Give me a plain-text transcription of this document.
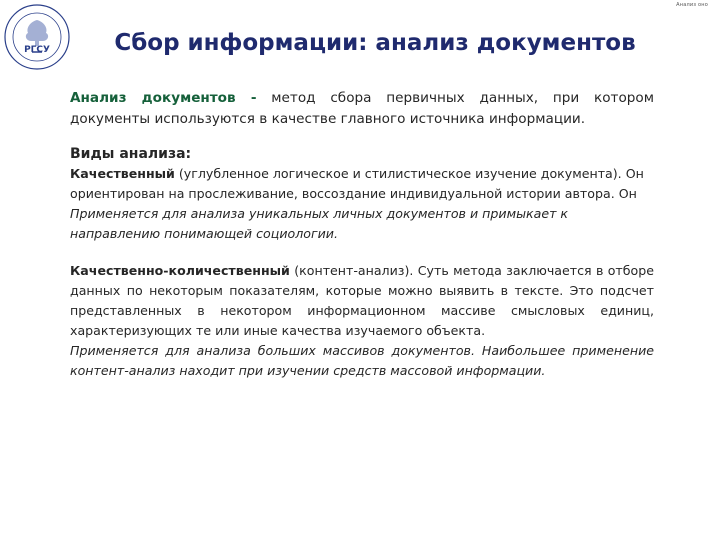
РГСУ
Анализ оно
Сбор информации: анализ документов

Анализ документов - метод сбора первичных данных, при котором документы используются в качестве главного источника информации.

Виды анализа:

Качественный (углубленное логическое и стилистическое изучение документа). Он ориентирован на прослеживание, воссоздание индивидуальной истории автора. Он Применяется для анализа уникальных личных документов и примыкает к направлению понимающей социологии.

Качественно-количественный (контент-анализ). Суть метода заключается в отборе данных по некоторым показателям, которые можно выявить в тексте. Это подсчет представленных в некотором информационном массиве смысловых единиц, характеризующих те или иные качества изучаемого объекта.

Применяется для анализа больших массивов документов. Наибольшее применение контент-анализ находит при изучении средств массовой информации.
